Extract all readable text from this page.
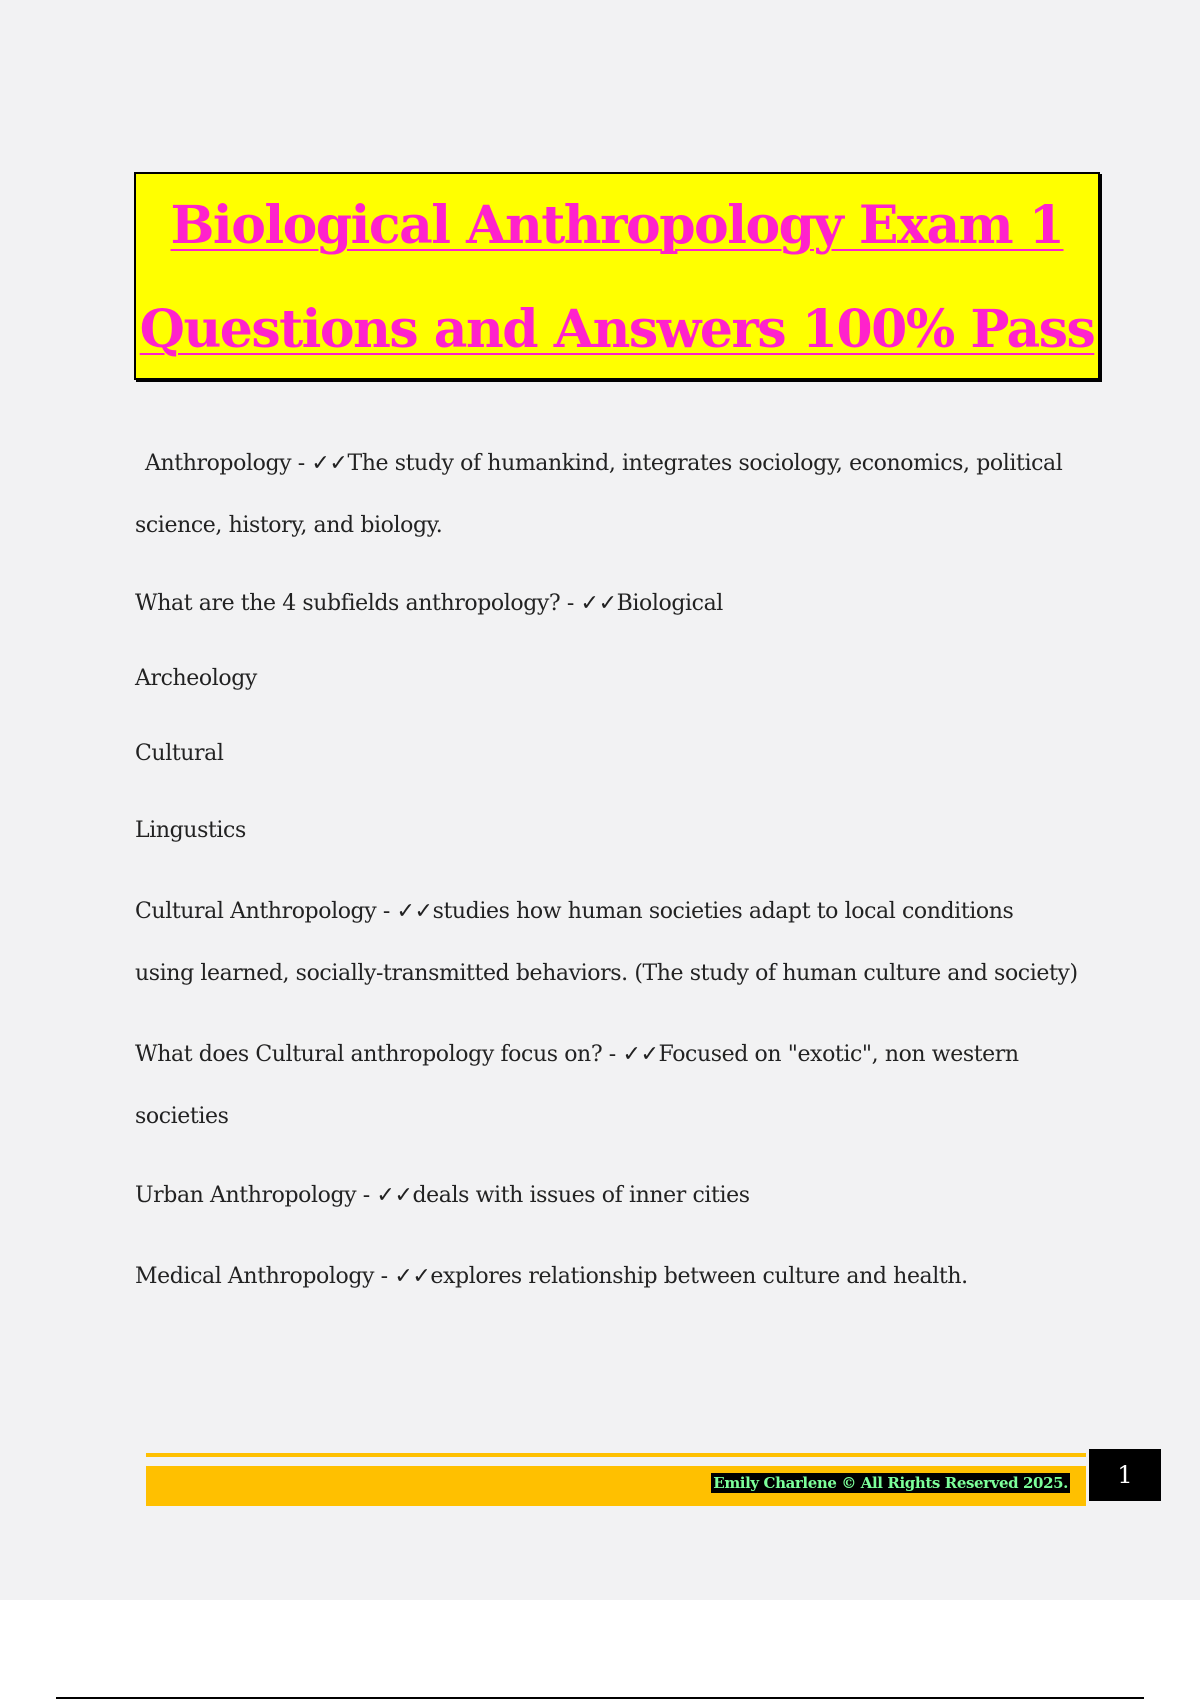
Biological Anthropology Exam 1
Questions and Answers 100% Pass
Anthropology - ✓✓The study of humankind, integrates sociology, economics, political
science, history, and biology.
What are the 4 subfields anthropology? - ✓✓Biological
Archeology
Cultural
Lingustics
Cultural Anthropology - ✓✓studies how human societies adapt to local conditions
using learned, socially-transmitted behaviors. (The study of human culture and society)
What does Cultural anthropology focus on? - ✓✓Focused on "exotic", non western
societies
Urban Anthropology - ✓✓deals with issues of inner cities
Medical Anthropology - ✓✓explores relationship between culture and health.
Emily Charlene © All Rights Reserved 2025.	1
